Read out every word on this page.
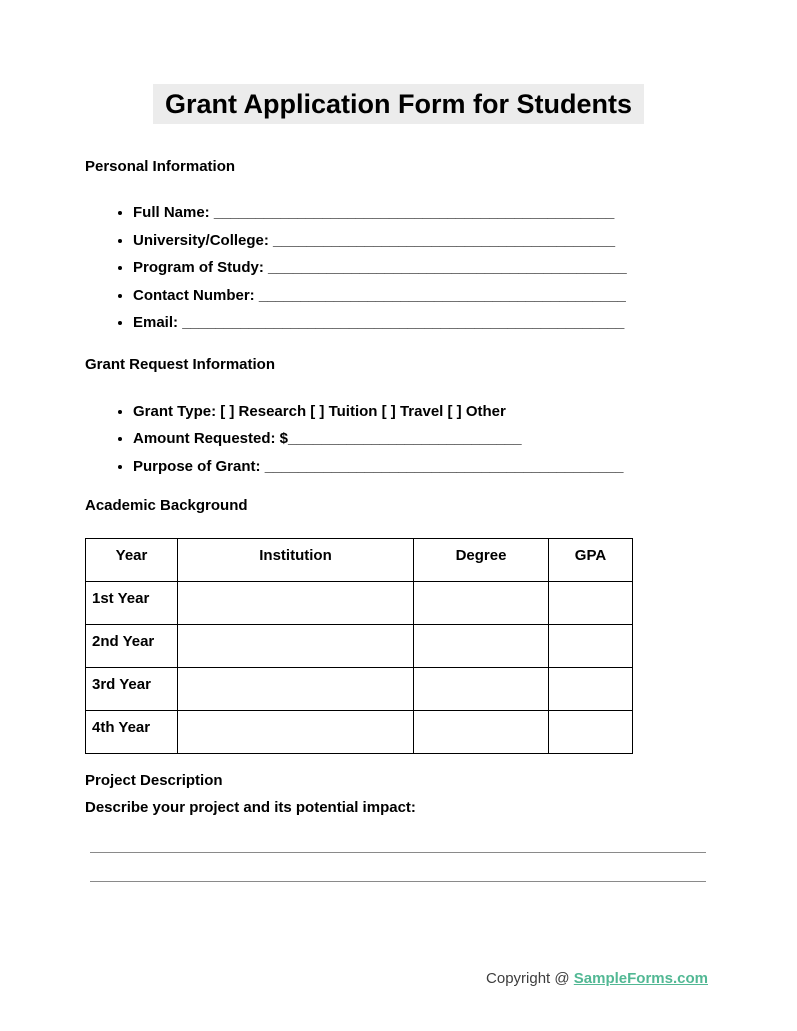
Grant Application Form for Students
Personal Information
• Full Name: ________________________________________________
• University/College: _________________________________________
• Program of Study: ___________________________________________
• Contact Number: ____________________________________________
• Email: _____________________________________________________
Grant Request Information
• Grant Type: [ ] Research [ ] Tuition [ ] Travel [ ] Other
• Amount Requested: $____________________________
• Purpose of Grant: ___________________________________________
Academic Background
Year	Institution	Degree	GPA
1st Year			
2nd Year			
3rd Year			
4th Year			
Project Description
Describe your project and its potential impact:
Copyright @ SampleForms.com
